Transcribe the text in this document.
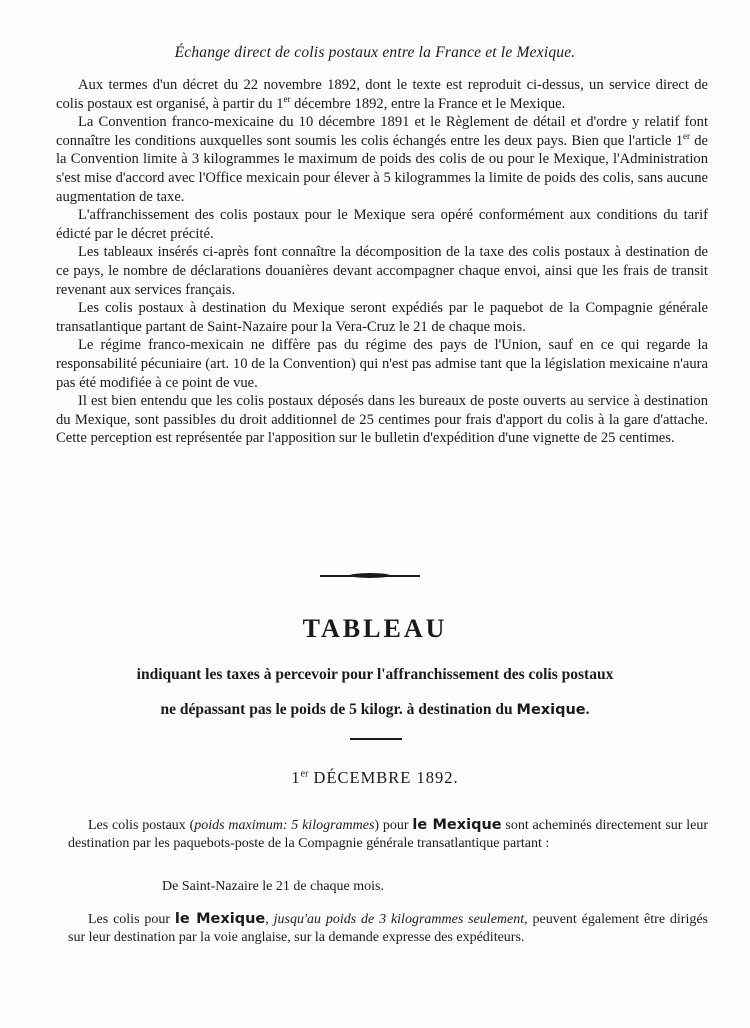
Échange direct de colis postaux entre la France et le Mexique.

Aux termes d'un décret du 22 novembre 1892, dont le texte est reproduit ci-dessus, un service direct de colis postaux est organisé, à partir du 1er décembre 1892, entre la France et le Mexique.

La Convention franco-mexicaine du 10 décembre 1891 et le Règlement de détail et d'ordre y relatif font connaître les conditions auxquelles sont soumis les colis échangés entre les deux pays. Bien que l'article 1er de la Convention limite à 3 kilogrammes le maximum de poids des colis de ou pour le Mexique, l'Administration s'est mise d'accord avec l'Office mexicain pour élever à 5 kilogrammes la limite de poids des colis, sans aucune augmentation de taxe.

L'affranchissement des colis postaux pour le Mexique sera opéré conformément aux conditions du tarif édicté par le décret précité.

Les tableaux insérés ci-après font connaître la décomposition de la taxe des colis postaux à destination de ce pays, le nombre de déclarations douanières devant accompagner chaque envoi, ainsi que les frais de transit revenant aux services français.

Les colis postaux à destination du Mexique seront expédiés par le paquebot de la Compagnie générale transatlantique partant de Saint-Nazaire pour la Vera-Cruz le 21 de chaque mois.

Le régime franco-mexicain ne diffère pas du régime des pays de l'Union, sauf en ce qui regarde la responsabilité pécuniaire (art. 10 de la Convention) qui n'est pas admise tant que la législation mexicaine n'aura pas été modifiée à ce point de vue.

Il est bien entendu que les colis postaux déposés dans les bureaux de poste ouverts au service à destination du Mexique, sont passibles du droit additionnel de 25 centimes pour frais d'apport du colis à la gare d'attache. Cette perception est représentée par l'apposition sur le bulletin d'expédition d'une vignette de 25 centimes.

TABLEAU
indiquant les taxes à percevoir pour l'affranchissement des colis postaux
ne dépassant pas le poids de 5 kilogr. à destination du Mexique.
1er DÉCEMBRE 1892.

Les colis postaux (poids maximum: 5 kilogrammes) pour le Mexique sont acheminés directement sur leur destination par les paquebots-poste de la Compagnie générale transatlantique partant :

De Saint-Nazaire le 21 de chaque mois.

Les colis pour le Mexique, jusqu'au poids de 3 kilogrammes seulement, peuvent également être dirigés sur leur destination par la voie anglaise, sur la demande expresse des expéditeurs.
